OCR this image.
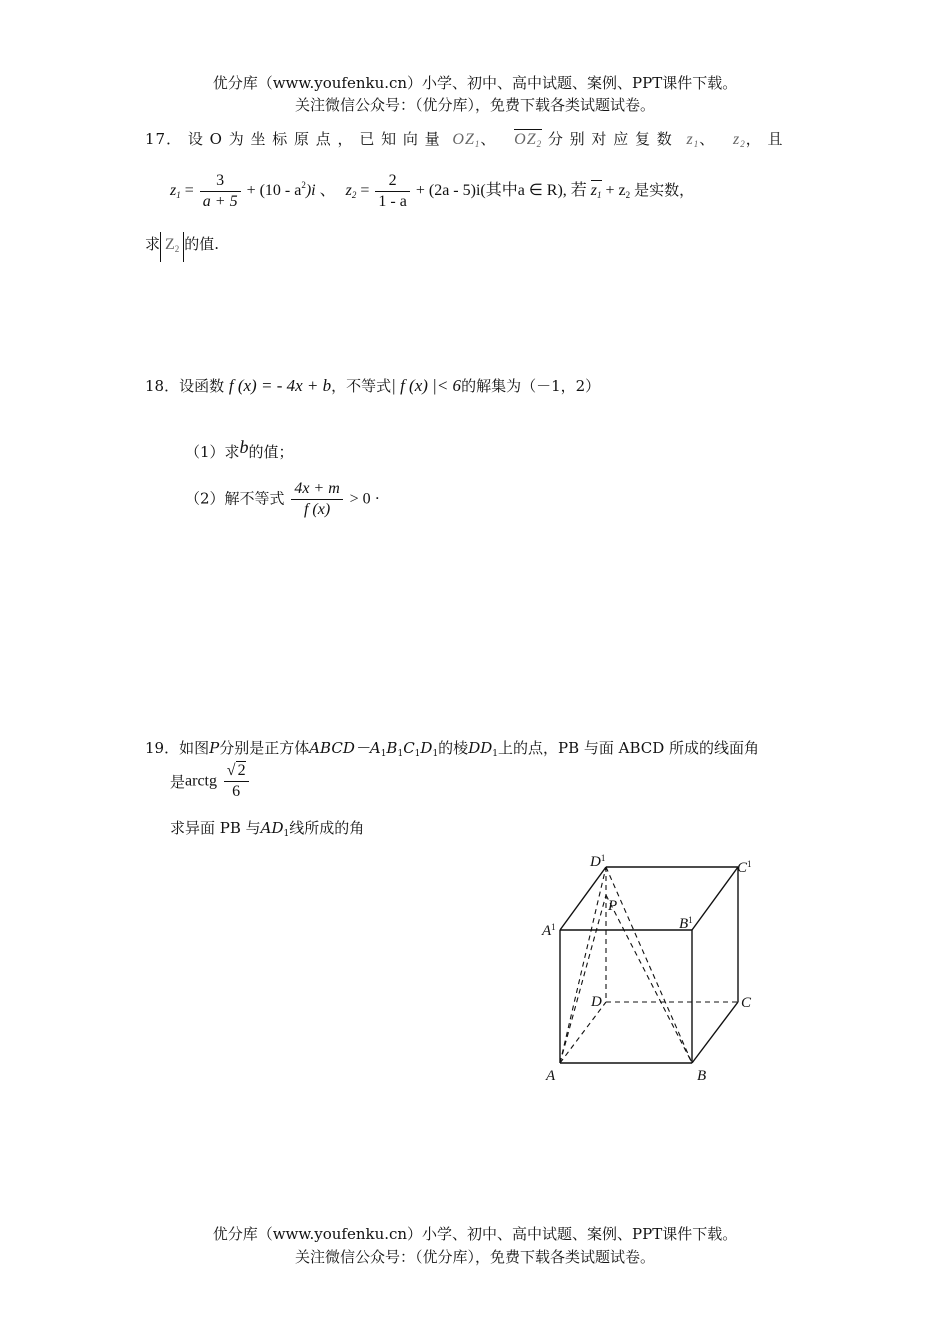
优分库（www.youfenku.cn）小学、初中、高中试题、案例、PPT课件下载。
关注微信公众号：（优分库），免费下载各类试题试卷。
17． 设 O 为 坐 标 原 点 ， 已 知 向 量 $OZ_1$、 $OZ_2$ 分 别 对 应 复 数 $z_1$、 $z_2$， 且
$z_1 = \frac{3}{a + 5} + (10 - a^2)i$ 、 $z_2 = \frac{2}{1 - a} + (2a - 5)i$(其中a ∈ R), 若 $z_1 + z_2$ 是实数，
求 $Z_2$ 的值.
18．设函数 f (x) = - 4x + b，不等式| f (x) |< 6的解集为（－1，2）
（1）求b的值；
（2）解不等式 $\frac{4x + m}{f (x)} > 0$ ·
19．如图P分别是正方体$ABCD-A_1B_1C_1D_1$的棱$DD_1$上的点，PB 与面 ABCD 所成的线面角
是arctg $\frac{√ 2}{6}$
求异面 PB 与$AD_1$线所成的角
$D^1$
$C^1$
P
$B^1$
$A^1$
D	C
A	B
优分库（www.youfenku.cn）小学、初中、高中试题、案例、PPT课件下载。
关注微信公众号：（优分库），免费下载各类试题试卷。
